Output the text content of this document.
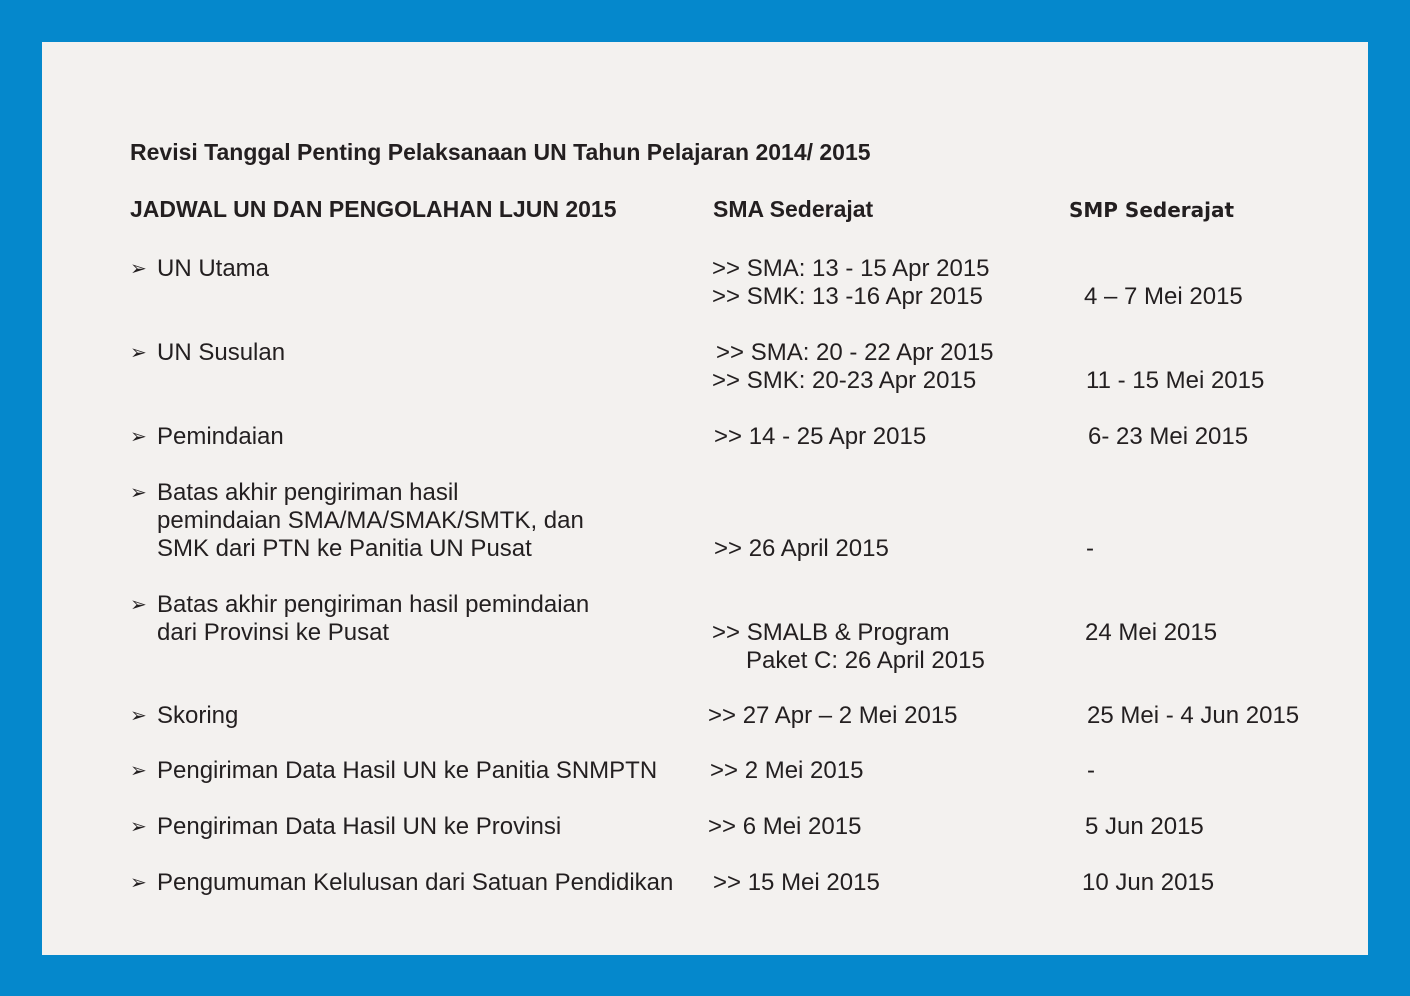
Revisi Tanggal Penting Pelaksanaan UN Tahun Pelajaran 2014/ 2015
JADWAL UN DAN PENGOLAHAN LJUN 2015	SMA Sederajat	SMP Sederajat
➢ UN Utama	>> SMA: 13 - 15 Apr 2015
>> SMK: 13 -16 Apr 2015	4 – 7 Mei 2015
➢ UN Susulan	>> SMA: 20 - 22 Apr 2015
>> SMK: 20-23 Apr 2015	11 - 15 Mei 2015
➢ Pemindaian	>> 14 - 25 Apr 2015	6- 23 Mei 2015
➢ Batas akhir pengiriman hasil
pemindaian SMA/MA/SMAK/SMTK, dan
SMK dari PTN ke Panitia UN Pusat	>> 26 April 2015	-
➢ Batas akhir pengiriman hasil pemindaian
dari Provinsi ke Pusat	>> SMALB & Program
Paket C: 26 April 2015
24 Mei 2015
➢ Skoring	>> 27 Apr – 2 Mei 2015	25 Mei - 4 Jun 2015
➢ Pengiriman Data Hasil UN ke Panitia SNMPTN >> 2 Mei 2015	-
➢ Pengiriman Data Hasil UN ke Provinsi	>> 6 Mei 2015	5 Jun 2015
➢ Pengumuman Kelulusan dari Satuan Pendidikan >> 15 Mei 2015	10 Jun 2015
